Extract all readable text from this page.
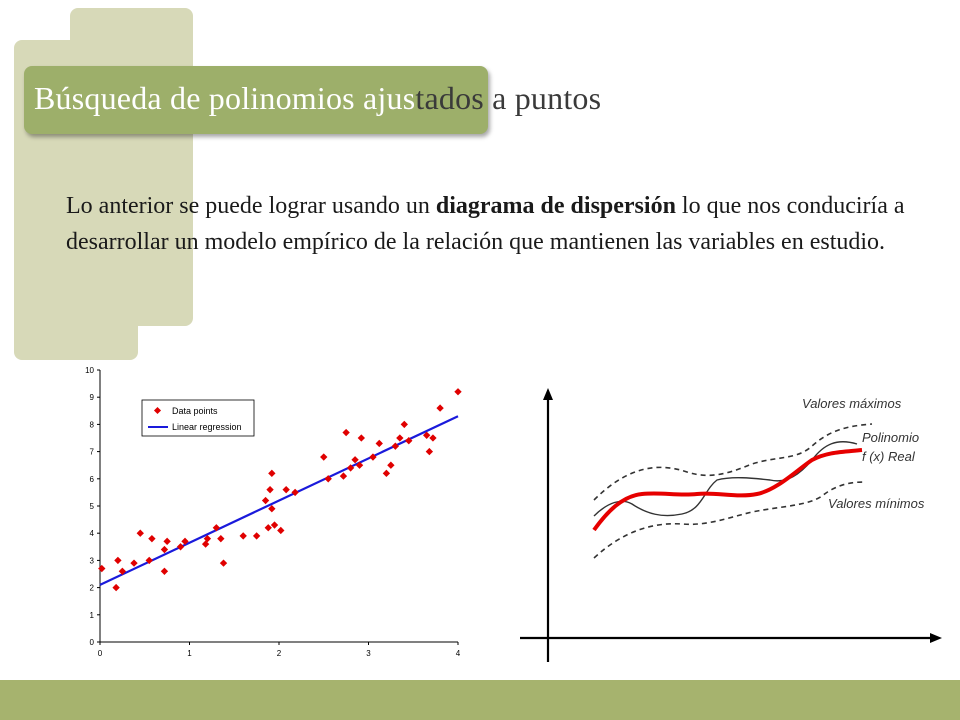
Búsqueda de polinomios ajustados a puntos
Lo anterior se puede lograr usando un diagrama de dispersión lo que nos conduciría a desarrollar un modelo empírico de la relación que mantienen las variables en estudio.
0
1
2
3
4
5
6
7
8
9
10
0	1	2	3	4
Data points
Linear regression
Valores máximos
Polinomio
f (x) Real
Valores mínimos
